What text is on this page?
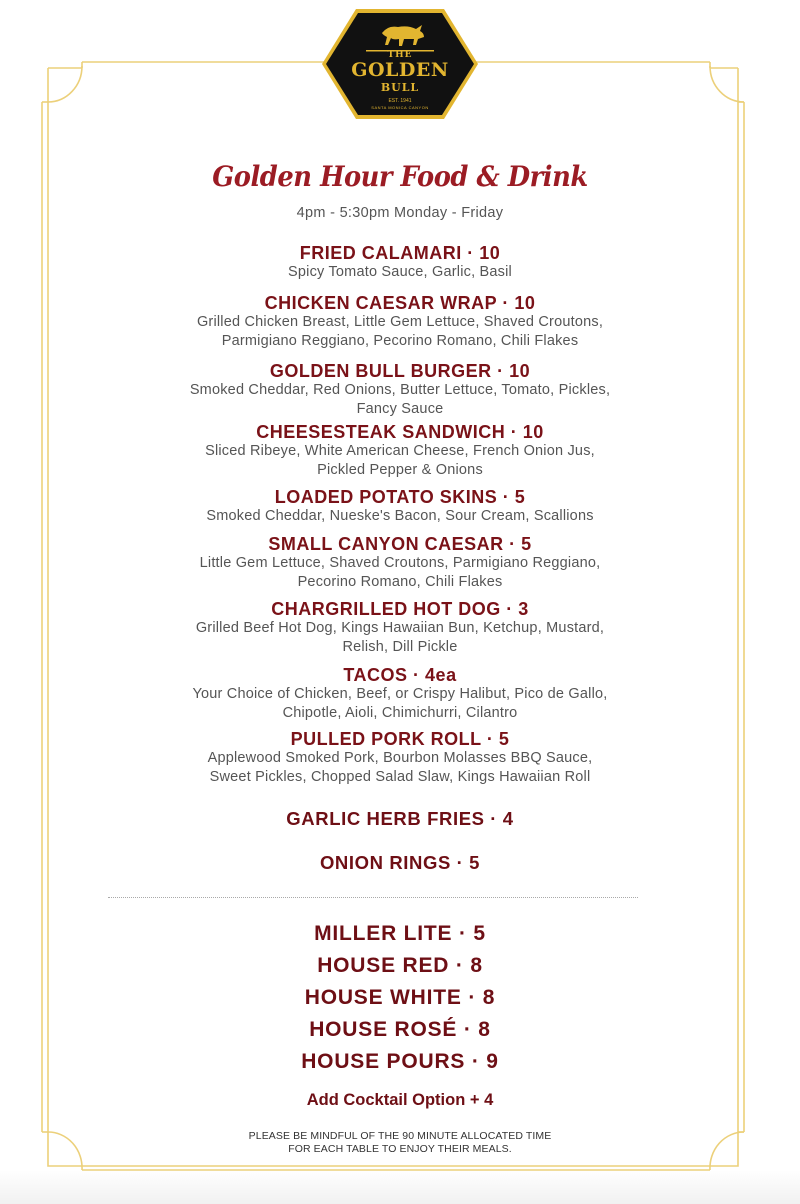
THE
GOLDEN
BULL
EST. 1941
SANTA MONICA CANYON
Golden Hour Food & Drink
4pm - 5:30pm Monday - Friday
FRIED CALAMARI · 10
Spicy Tomato Sauce, Garlic, Basil
CHICKEN CAESAR WRAP · 10
Grilled Chicken Breast, Little Gem Lettuce, Shaved Croutons,
Parmigiano Reggiano, Pecorino Romano, Chili Flakes
GOLDEN BULL BURGER · 10
Smoked Cheddar, Red Onions, Butter Lettuce, Tomato, Pickles,
Fancy Sauce
CHEESESTEAK SANDWICH · 10
Sliced Ribeye, White American Cheese, French Onion Jus,
Pickled Pepper & Onions
LOADED POTATO SKINS · 5
Smoked Cheddar, Nueske's Bacon, Sour Cream, Scallions
SMALL CANYON CAESAR · 5
Little Gem Lettuce, Shaved Croutons, Parmigiano Reggiano,
Pecorino Romano, Chili Flakes
CHARGRILLED HOT DOG · 3
Grilled Beef Hot Dog, Kings Hawaiian Bun, Ketchup, Mustard,
Relish, Dill Pickle
TACOS · 4ea
Your Choice of Chicken, Beef, or Crispy Halibut, Pico de Gallo,
Chipotle, Aioli, Chimichurri, Cilantro
PULLED PORK ROLL · 5
Applewood Smoked Pork, Bourbon Molasses BBQ Sauce,
Sweet Pickles, Chopped Salad Slaw, Kings Hawaiian Roll
GARLIC HERB FRIES · 4
ONION RINGS · 5
MILLER LITE · 5
HOUSE RED · 8
HOUSE WHITE · 8
HOUSE ROSÉ · 8
HOUSE POURS · 9
Add Cocktail Option + 4
PLEASE BE MINDFUL OF THE 90 MINUTE ALLOCATED TIME
FOR EACH TABLE TO ENJOY THEIR MEALS.
